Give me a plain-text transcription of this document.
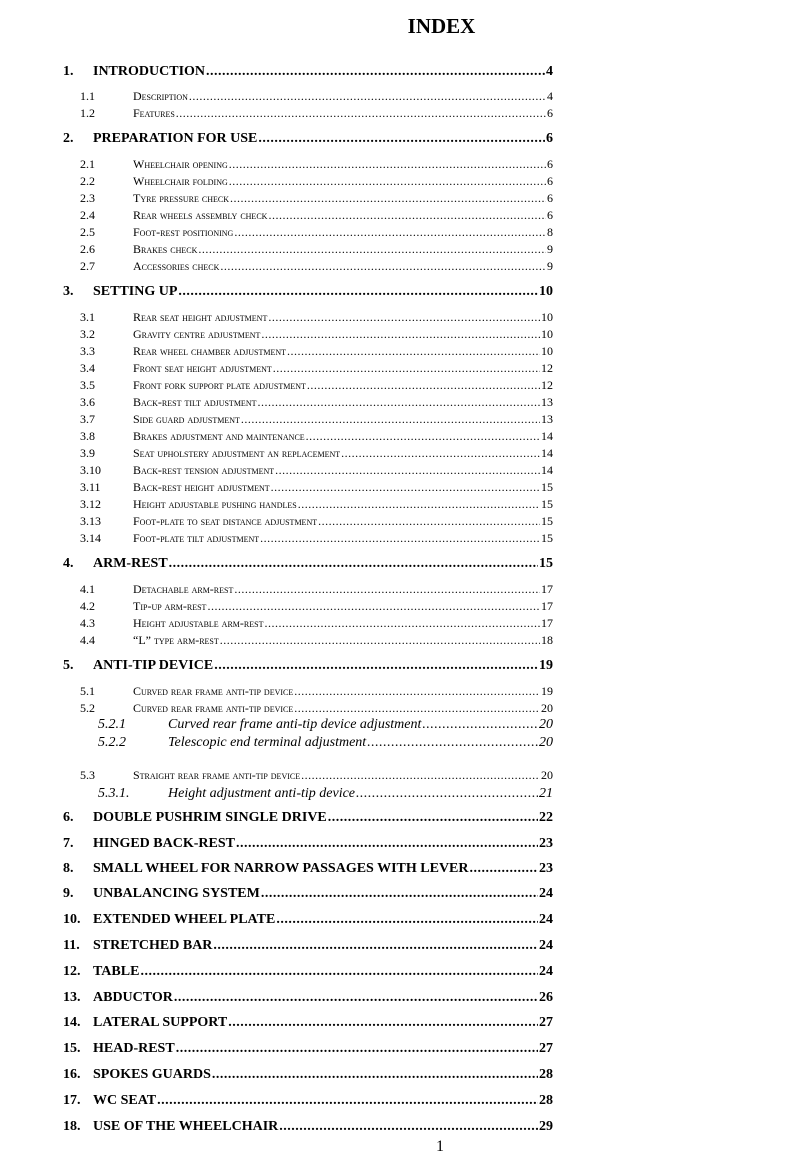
INDEX
1. INTRODUCTION .....	4
1.1	Description .....	4
1.2	Features .....	6
2. PREPARATION FOR USE .....	6
2.1	Wheelchair opening .....	6
2.2	Wheelchair folding .....	6
2.3	Tyre pressure check .....	6
2.4	Rear wheels assembly check .....	6
2.5	Foot-rest positioning .....	8
2.6	Brakes check .....	9
2.7	Accessories check .....	9
3. SETTING UP .....	10
3.1	Rear seat height adjustment .....	10
3.2	Gravity centre adjustment .....	10
3.3	Rear wheel chamber adjustment .....	10
3.4	Front seat height adjustment .....	12
3.5	Front fork support plate adjustment .....	12
3.6	Back-rest tilt adjustment .....	13
3.7	Side guard adjustment .....	13
3.8	Brakes adjustment and maintenance .....	14
3.9	Seat upholstery adjustment an replacement .....	14
3.10	Back-rest tension adjustment .....	14
3.11	Back-rest height adjustment .....	15
3.12	Height adjustable pushing handles .....	15
3.13	Foot-plate to seat distance adjustment .....	15
3.14	Foot-plate tilt adjustment .....	15
4. ARM-REST .....	15
4.1	Detachable arm-rest .....	17
4.2	Tip-up arm-rest .....	17
4.3	Height adjustable arm-rest .....	17
4.4	“L” type arm-rest .....	18
5. ANTI-TIP DEVICE .....	19
5.1	Curved rear frame anti-tip device .....	19
5.2	Curved rear frame anti-tip device .....	20
5.2.1	Curved rear frame anti-tip device adjustment .....	20
5.2.2	Telescopic end terminal adjustment .....	20
5.3	Straight rear frame anti-tip device .....	20
5.3.1.	Height adjustment anti-tip device .....	21
6. DOUBLE PUSHRIM SINGLE DRIVE .....	22
7. HINGED BACK-REST .....	23
8. SMALL WHEEL FOR NARROW PASSAGES WITH LEVER .....	23
9. UNBALANCING SYSTEM .....	24
10. EXTENDED WHEEL PLATE .....	24
11. STRETCHED BAR .....	24
12. TABLE .....	24
13. ABDUCTOR .....	26
14. LATERAL SUPPORT .....	27
15. HEAD-REST .....	27
16. SPOKES GUARDS .....	28
17. WC SEAT .....	28
18. USE OF THE WHEELCHAIR .....	29
1
